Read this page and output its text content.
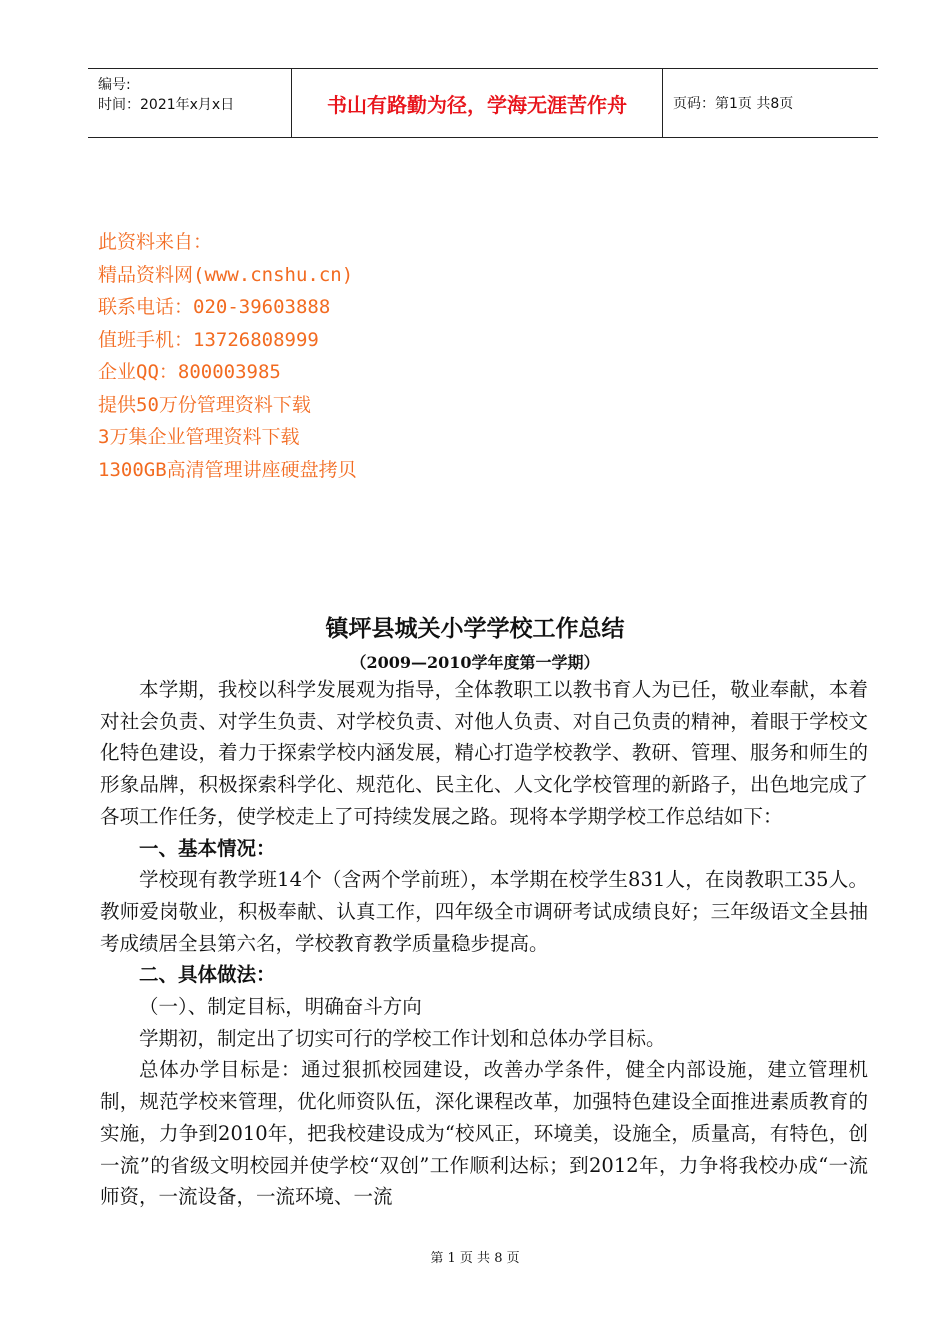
编号:
时间：2021年x月x日	书山有路勤为径，学海无涯苦作舟	页码：第1页 共8页
此资料来自：
精品资料网(www.cnshu.cn)
联系电话：020-39603888
值班手机：13726808999
企业QQ：800003985
提供50万份管理资料下载
3万集企业管理资料下载
1300GB高清管理讲座硬盘拷贝
镇坪县城关小学学校工作总结
（2009—2010学年度第一学期）

本学期，我校以科学发展观为指导，全体教职工以教书育人为已任，敬业奉献，本着对社会负责、对学生负责、对学校负责、对他人负责、对自己负责的精神，着眼于学校文化特色建设，着力于探索学校内涵发展，精心打造学校教学、教研、管理、服务和师生的形象品牌，积极探索科学化、规范化、民主化、人文化学校管理的新路子，出色地完成了各项工作任务，使学校走上了可持续发展之路。现将本学期学校工作总结如下：

一、基本情况：

学校现有教学班14个（含两个学前班），本学期在校学生831人，在岗教职工35人。教师爱岗敬业，积极奉献、认真工作，四年级全市调研考试成绩良好；三年级语文全县抽考成绩居全县第六名，学校教育教学质量稳步提高。

二、具体做法：

（一）、制定目标，明确奋斗方向

学期初，制定出了切实可行的学校工作计划和总体办学目标。

总体办学目标是：通过狠抓校园建设，改善办学条件，健全内部设施，建立管理机制，规范学校来管理，优化师资队伍，深化课程改革，加强特色建设全面推进素质教育的实施，力争到2010年，把我校建设成为“校风正，环境美，设施全，质量高，有特色，创一流”的省级文明校园并使学校“双创”工作顺利达标；到2012年，力争将我校办成“一流师资，一流设备，一流环境、一流

第 1 页 共 8 页
